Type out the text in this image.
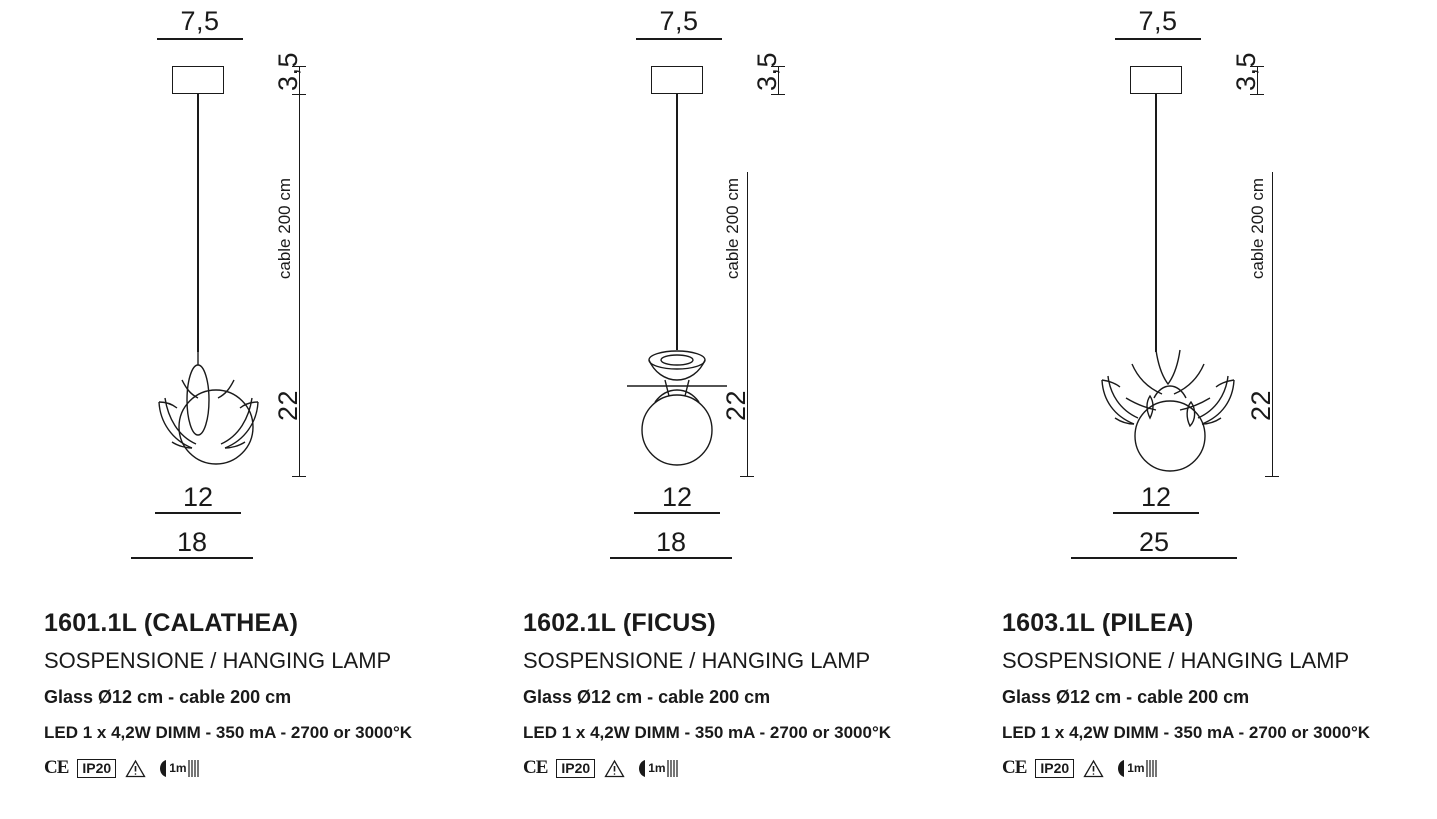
7,5
3,5
cable 200 cm
22
12
18
1601.1L (CALATHEA)
SOSPENSIONE / HANGING LAMP
Glass Ø12 cm - cable 200 cm
LED 1 x 4,2W DIMM - 350 mA - 2700 or 3000°K
CE	IP20	1m
7,5
3,5
cable 200 cm
22
12
18
1602.1L (FICUS)
SOSPENSIONE / HANGING LAMP
Glass Ø12 cm - cable 200 cm
LED 1 x 4,2W DIMM - 350 mA - 2700 or 3000°K
CE	IP20	1m
7,5
3,5
cable 200 cm
22
12
25
1603.1L (PILEA)
SOSPENSIONE / HANGING LAMP
Glass Ø12 cm - cable 200 cm
LED 1 x 4,2W DIMM - 350 mA - 2700 or 3000°K
CE	IP20	1m
